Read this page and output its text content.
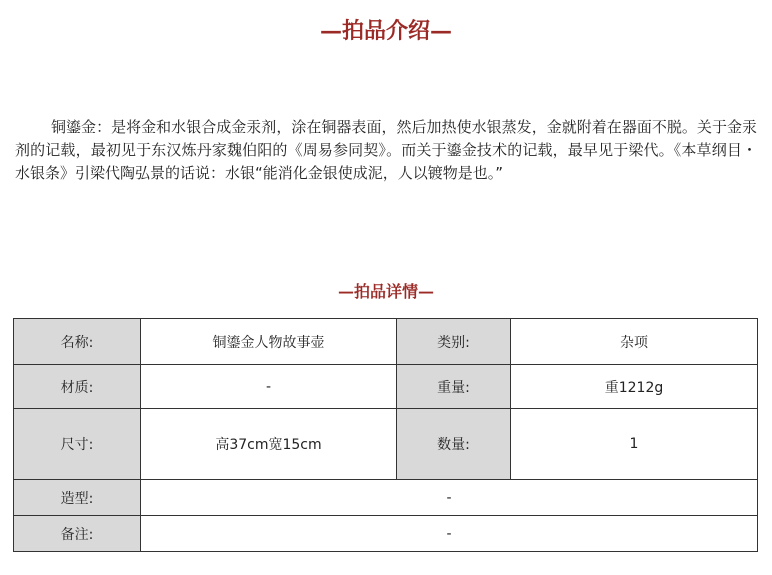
—拍品介绍—

铜鎏金：是将金和水银合成金汞剂，涂在铜器表面，然后加热使水银蒸发，金就附着在器面不脱。关于金汞剂的记载，最初见于东汉炼丹家魏伯阳的《周易参同契》。而关于鎏金技术的记载，最早见于梁代。《本草纲目・水银条》引梁代陶弘景的话说：水银“能消化金银使成泥，人以镀物是也。”

—拍品详情—
名称:	铜鎏金人物故事壶	类别:	杂项
材质:	-	重量:	重1212g
尺寸:	高37cm宽15cm	数量:	1
造型:	-		
备注:	-		
